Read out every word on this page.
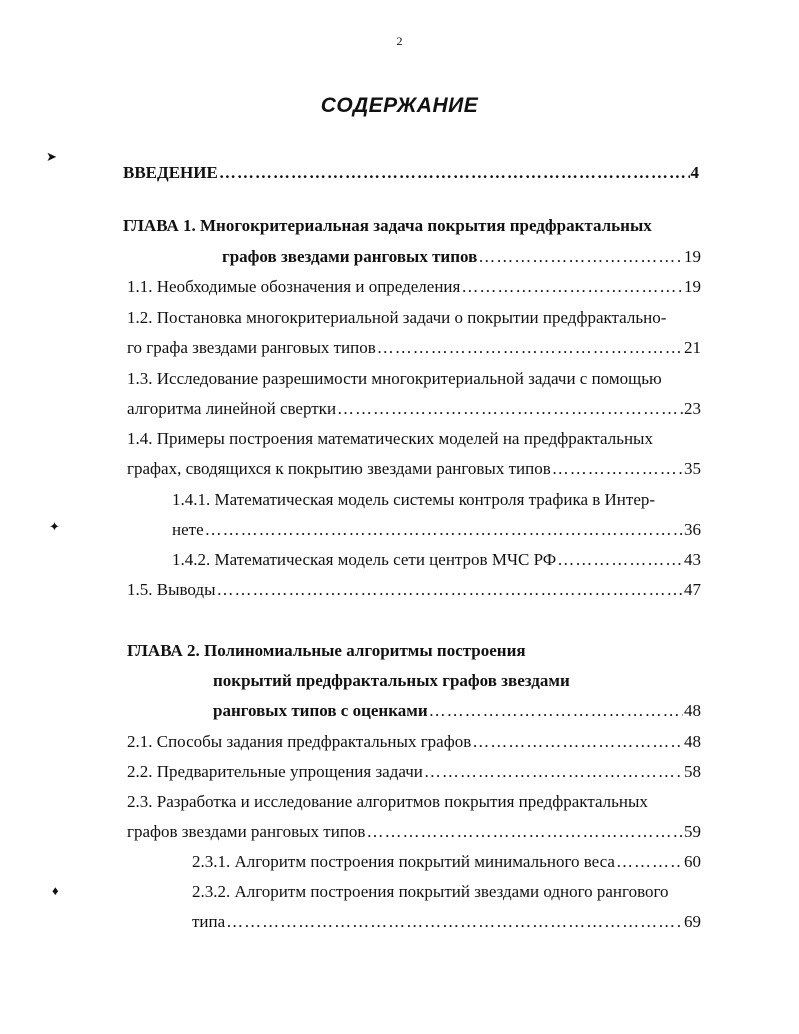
2
СОДЕРЖАНИЕ
➤
✦
♦
ВВЕДЕНИЕ …………………………………………………………………………………………………………………………………………………	4
ГЛАВА 1. Многокритериальная задача покрытия предфрактальных
графов звездами ранговых типов …………………………………………………………………………………………………………………………………………………	19
1.1. Необходимые обозначения и определения …………………………………………………………………………………………………………………………………………………	19
1.2. Постановка многокритериальной задачи о покрытии предфрактально-
го графа звездами ранговых типов …………………………………………………………………………………………………………………………………………………	21
1.3. Исследование разрешимости многокритериальной задачи с помощью
алгоритма линейной свертки …………………………………………………………………………………………………………………………………………………	23
1.4. Примеры построения математических моделей на предфрактальных
графах, сводящихся к покрытию звездами ранговых типов …………………………………………………………………………………………………………………………………………………	35
1.4.1. Математическая модель системы контроля трафика в Интер-
нете …………………………………………………………………………………………………………………………………………………	36
1.4.2. Математическая модель сети центров МЧС РФ …………………………………………………………………………………………………………………………………………………	43
1.5. Выводы …………………………………………………………………………………………………………………………………………………	47
ГЛАВА 2. Полиномиальные алгоритмы построения
покрытий предфрактальных графов звездами
ранговых типов с оценками …………………………………………………………………………………………………………………………………………………	48
2.1. Способы задания предфрактальных графов …………………………………………………………………………………………………………………………………………………	48
2.2. Предварительные упрощения задачи …………………………………………………………………………………………………………………………………………………	58
2.3. Разработка и исследование алгоритмов покрытия предфрактальных
графов звездами ранговых типов …………………………………………………………………………………………………………………………………………………	59
2.3.1. Алгоритм построения покрытий минимального веса …………………………………………………………………………………………………………………………………………………	60
2.3.2. Алгоритм построения покрытий звездами одного рангового
типа …………………………………………………………………………………………………………………………………………………	69
